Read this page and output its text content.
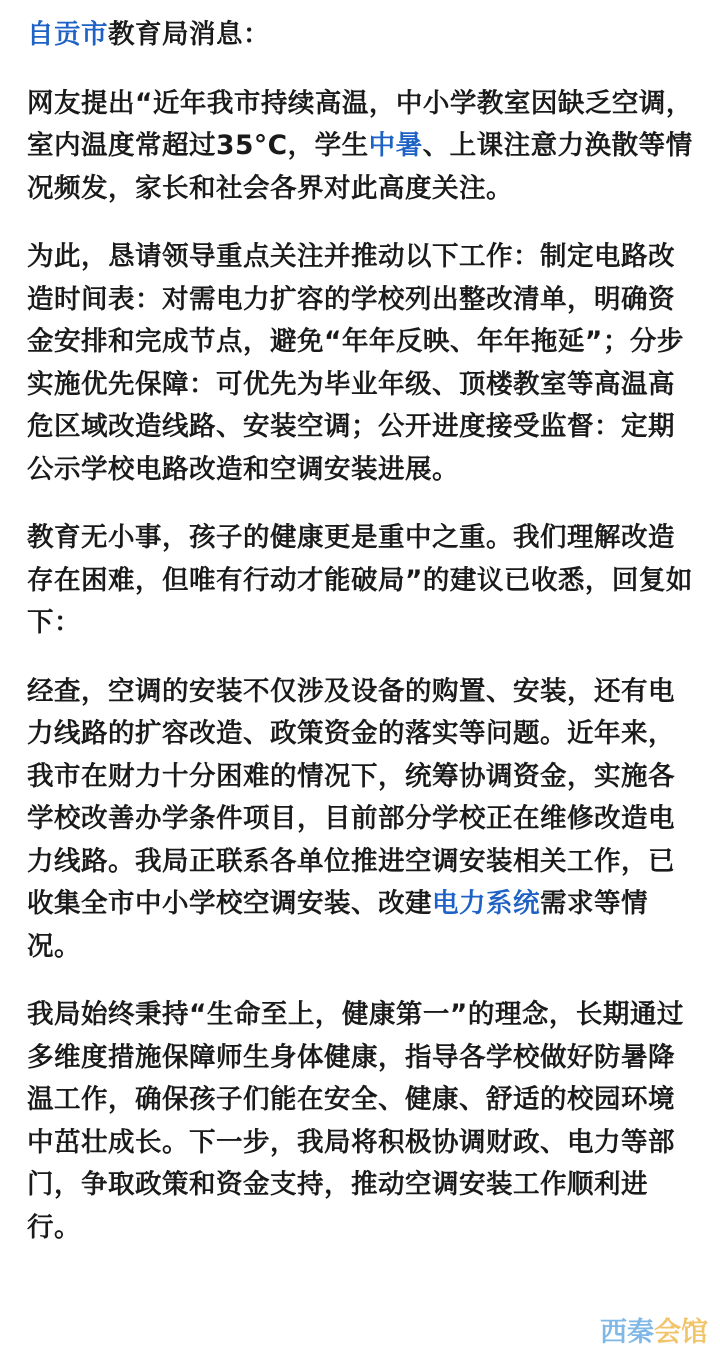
自贡市教育局消息：

网友提出“近年我市持续高温，中小学教室因缺乏空调，室内温度常超过35°C，学生中暑、上课注意力涣散等情况频发，家长和社会各界对此高度关注。

为此，恳请领导重点关注并推动以下工作：制定电路改造时间表：对需电力扩容的学校列出整改清单，明确资金安排和完成节点，避免“年年反映、年年拖延”；分步实施优先保障：可优先为毕业年级、顶楼教室等高温高危区域改造线路、安装空调；公开进度接受监督：定期公示学校电路改造和空调安装进展。

教育无小事，孩子的健康更是重中之重。我们理解改造存在困难，但唯有行动才能破局”的建议已收悉，回复如下：

经查，空调的安装不仅涉及设备的购置、安装，还有电力线路的扩容改造、政策资金的落实等问题。近年来，我市在财力十分困难的情况下，统筹协调资金，实施各学校改善办学条件项目，目前部分学校正在维修改造电力线路。我局正联系各单位推进空调安装相关工作，已收集全市中小学校空调安装、改建电力系统需求等情况。

我局始终秉持“生命至上，健康第一”的理念，长期通过多维度措施保障师生身体健康，指导各学校做好防暑降温工作，确保孩子们能在安全、健康、舒适的校园环境中茁壮成长。下一步，我局将积极协调财政、电力等部门，争取政策和资金支持，推动空调安装工作顺利进行。

西秦会馆
